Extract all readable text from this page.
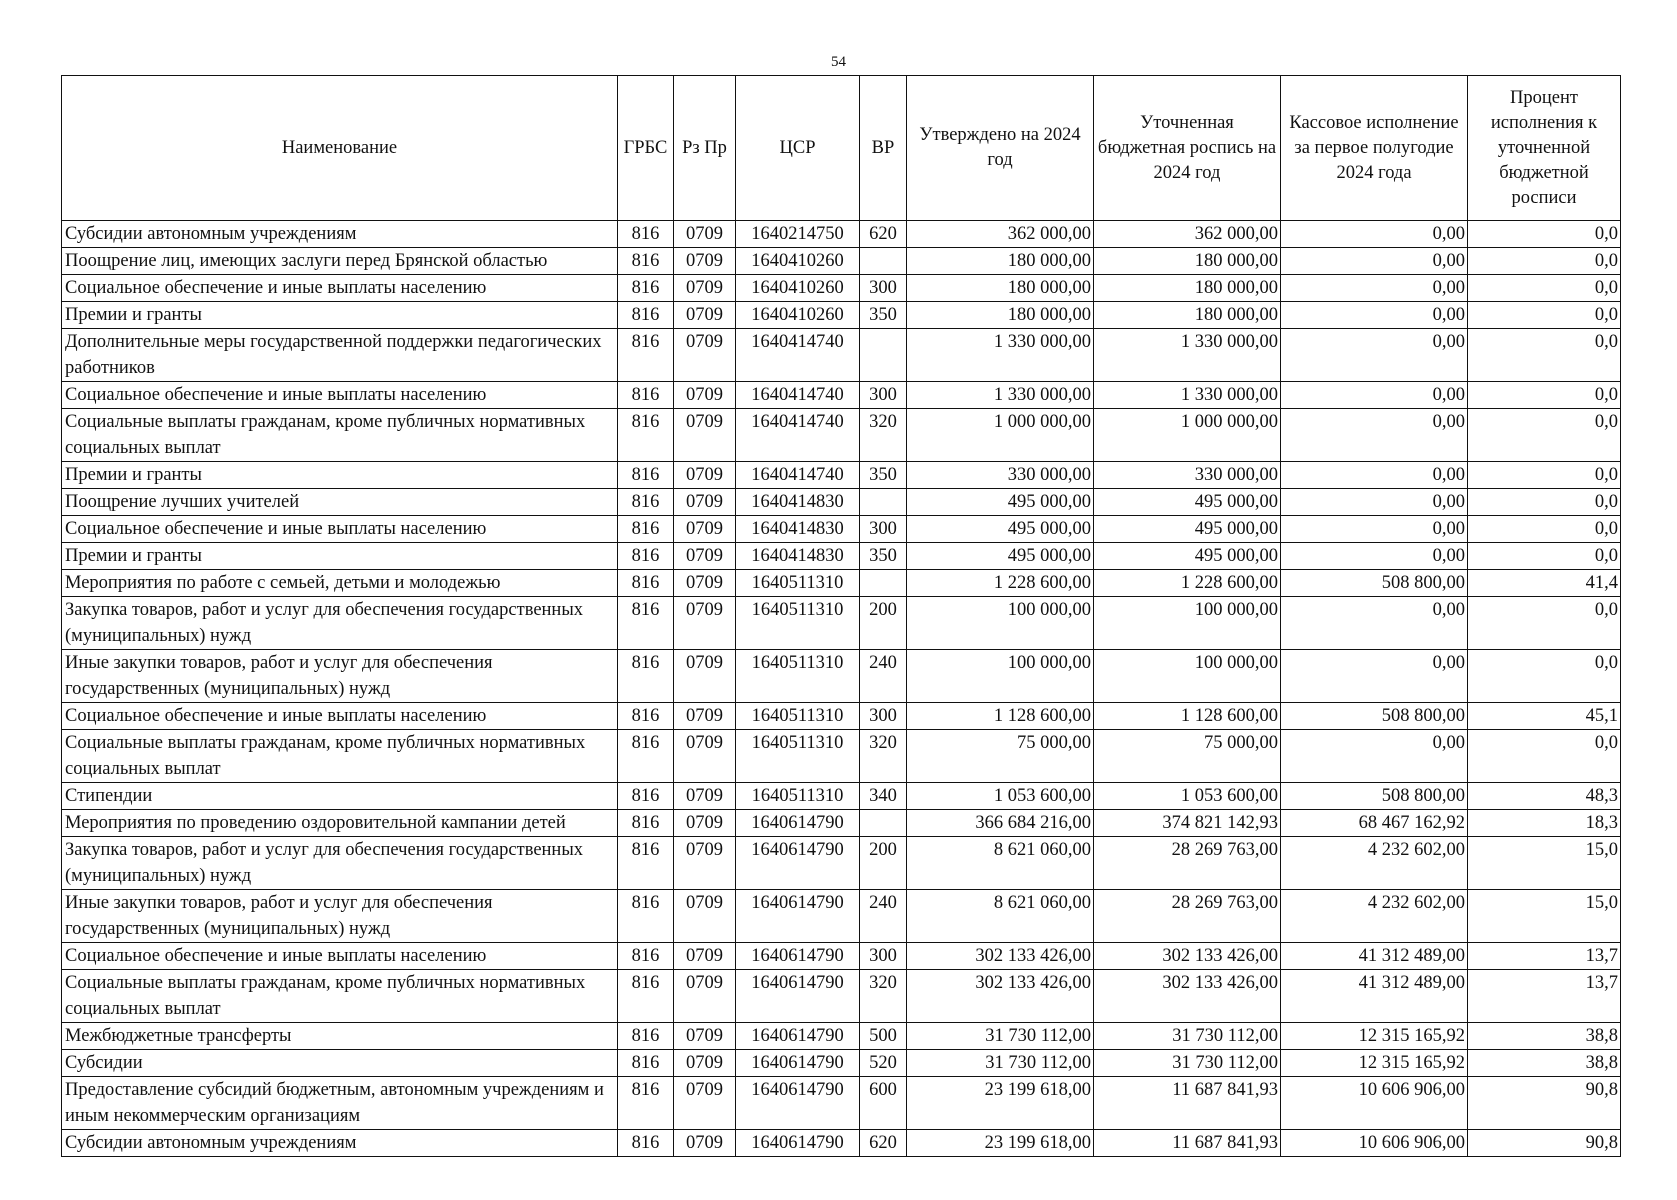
54
Наименование	ГРБС	Рз Пр	ЦСР	ВР	Утверждено на 2024 год	Уточненная бюджетная роспись на 2024 год	Кассовое исполнение за первое полугодие 2024 года	Процент исполнения к уточненной бюджетной росписи
Субсидии автономным учреждениям	816	0709	1640214750	620	362 000,00	362 000,00	0,00	0,0
Поощрение лиц, имеющих заслуги перед Брянской областью	816	0709	1640410260		180 000,00	180 000,00	0,00	0,0
Социальное обеспечение и иные выплаты населению	816	0709	1640410260	300	180 000,00	180 000,00	0,00	0,0
Премии и гранты	816	0709	1640410260	350	180 000,00	180 000,00	0,00	0,0
Дополнительные меры государственной поддержки педагогических работников	816	0709	1640414740		1 330 000,00	1 330 000,00	0,00	0,0
Социальное обеспечение и иные выплаты населению	816	0709	1640414740	300	1 330 000,00	1 330 000,00	0,00	0,0
Социальные выплаты гражданам, кроме публичных нормативных социальных выплат	816	0709	1640414740	320	1 000 000,00	1 000 000,00	0,00	0,0
Премии и гранты	816	0709	1640414740	350	330 000,00	330 000,00	0,00	0,0
Поощрение лучших учителей	816	0709	1640414830		495 000,00	495 000,00	0,00	0,0
Социальное обеспечение и иные выплаты населению	816	0709	1640414830	300	495 000,00	495 000,00	0,00	0,0
Премии и гранты	816	0709	1640414830	350	495 000,00	495 000,00	0,00	0,0
Мероприятия по работе с семьей, детьми и молодежью	816	0709	1640511310		1 228 600,00	1 228 600,00	508 800,00	41,4
Закупка товаров, работ и услуг для обеспечения государственных (муниципальных) нужд	816	0709	1640511310	200	100 000,00	100 000,00	0,00	0,0
Иные закупки товаров, работ и услуг для обеспечения государственных (муниципальных) нужд	816	0709	1640511310	240	100 000,00	100 000,00	0,00	0,0
Социальное обеспечение и иные выплаты населению	816	0709	1640511310	300	1 128 600,00	1 128 600,00	508 800,00	45,1
Социальные выплаты гражданам, кроме публичных нормативных социальных выплат	816	0709	1640511310	320	75 000,00	75 000,00	0,00	0,0
Стипендии	816	0709	1640511310	340	1 053 600,00	1 053 600,00	508 800,00	48,3
Мероприятия по проведению оздоровительной кампании детей	816	0709	1640614790		366 684 216,00	374 821 142,93	68 467 162,92	18,3
Закупка товаров, работ и услуг для обеспечения государственных (муниципальных) нужд	816	0709	1640614790	200	8 621 060,00	28 269 763,00	4 232 602,00	15,0
Иные закупки товаров, работ и услуг для обеспечения государственных (муниципальных) нужд	816	0709	1640614790	240	8 621 060,00	28 269 763,00	4 232 602,00	15,0
Социальное обеспечение и иные выплаты населению	816	0709	1640614790	300	302 133 426,00	302 133 426,00	41 312 489,00	13,7
Социальные выплаты гражданам, кроме публичных нормативных социальных выплат	816	0709	1640614790	320	302 133 426,00	302 133 426,00	41 312 489,00	13,7
Межбюджетные трансферты	816	0709	1640614790	500	31 730 112,00	31 730 112,00	12 315 165,92	38,8
Субсидии	816	0709	1640614790	520	31 730 112,00	31 730 112,00	12 315 165,92	38,8
Предоставление субсидий бюджетным, автономным учреждениям и иным некоммерческим организациям	816	0709	1640614790	600	23 199 618,00	11 687 841,93	10 606 906,00	90,8
Субсидии автономным учреждениям	816	0709	1640614790	620	23 199 618,00	11 687 841,93	10 606 906,00	90,8
